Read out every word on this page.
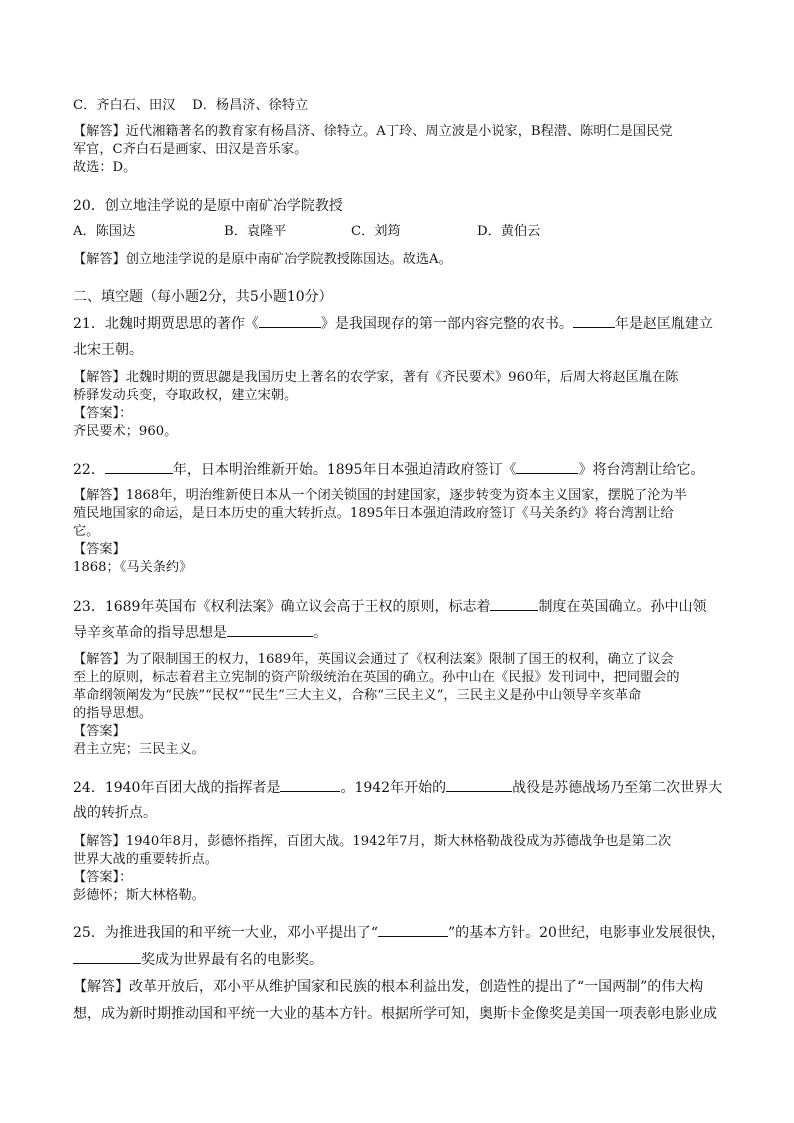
C．齐白石、田汉    D．杨昌济、徐特立
【解答】近代湘籍著名的教育家有杨昌济、徐特立。A丁玲、周立波是小说家，B程潜、陈明仁是国民党
军官，C齐白石是画家、田汉是音乐家。
故选：D。
20．创立地洼学说的是原中南矿冶学院教授
A．陈国达	B．袁隆平	C．刘筠	D．黄伯云
【解答】创立地洼学说的是原中南矿冶学院教授陈国达。故选A。
二、填空题（每小题2分，共5小题10分）
21．北魏时期贾思思的著作《	》是我国现存的第一部内容完整的农书。	年是赵匡胤建立
北宋王朝。
【解答】北魏时期的贾思勰是我国历史上著名的农学家，著有《齐民要术》960年，后周大将赵匡胤在陈
桥驿发动兵变，夺取政权，建立宋朝。
【答案】：
齐民要术；960。
22．	年，日本明治维新开始。1895年日本强迫清政府签订《	》将台湾割让给它。
【解答】1868年，明治维新使日本从一个闭关锁国的封建国家，逐步转变为资本主义国家，摆脱了沦为半
殖民地国家的命运，是日本历史的重大转折点。1895年日本强迫清政府签订《马关条约》将台湾割让给
它。
【答案】
1868；《马关条约》
23．1689年英国布《权利法案》确立议会高于王权的原则，标志着	制度在英国确立。孙中山领
导辛亥革命的指导思想是	。
【解答】为了限制国王的权力，1689年，英国议会通过了《权利法案》限制了国王的权利，确立了议会
至上的原则，标志着君主立宪制的资产阶级统治在英国的确立。孙中山在《民报》发刊词中，把同盟会的
革命纲领阐发为“民族”“民权”“民生”三大主义，合称“三民主义”，三民主义是孙中山领导辛亥革命
的指导思想。
【答案】
君主立宪；三民主义。
24．1940年百团大战的指挥者是	。1942年开始的	战役是苏德战场乃至第二次世界大
战的转折点。
【解答】1940年8月，彭德怀指挥，百团大战。1942年7月，斯大林格勒战役成为苏德战争也是第二次
世界大战的重要转折点。
【答案】：
彭德怀；斯大林格勒。
25．为推进我国的和平统一大业，邓小平提出了“	”的基本方针。20世纪，电影事业发展很快，
奖成为世界最有名的电影奖。
【解答】改革开放后，邓小平从维护国家和民族的根本利益出发，创造性的提出了“一国两制”的伟大构
想，成为新时期推动国和平统一大业的基本方针。根据所学可知，奥斯卡金像奖是美国一项表彰电影业成
